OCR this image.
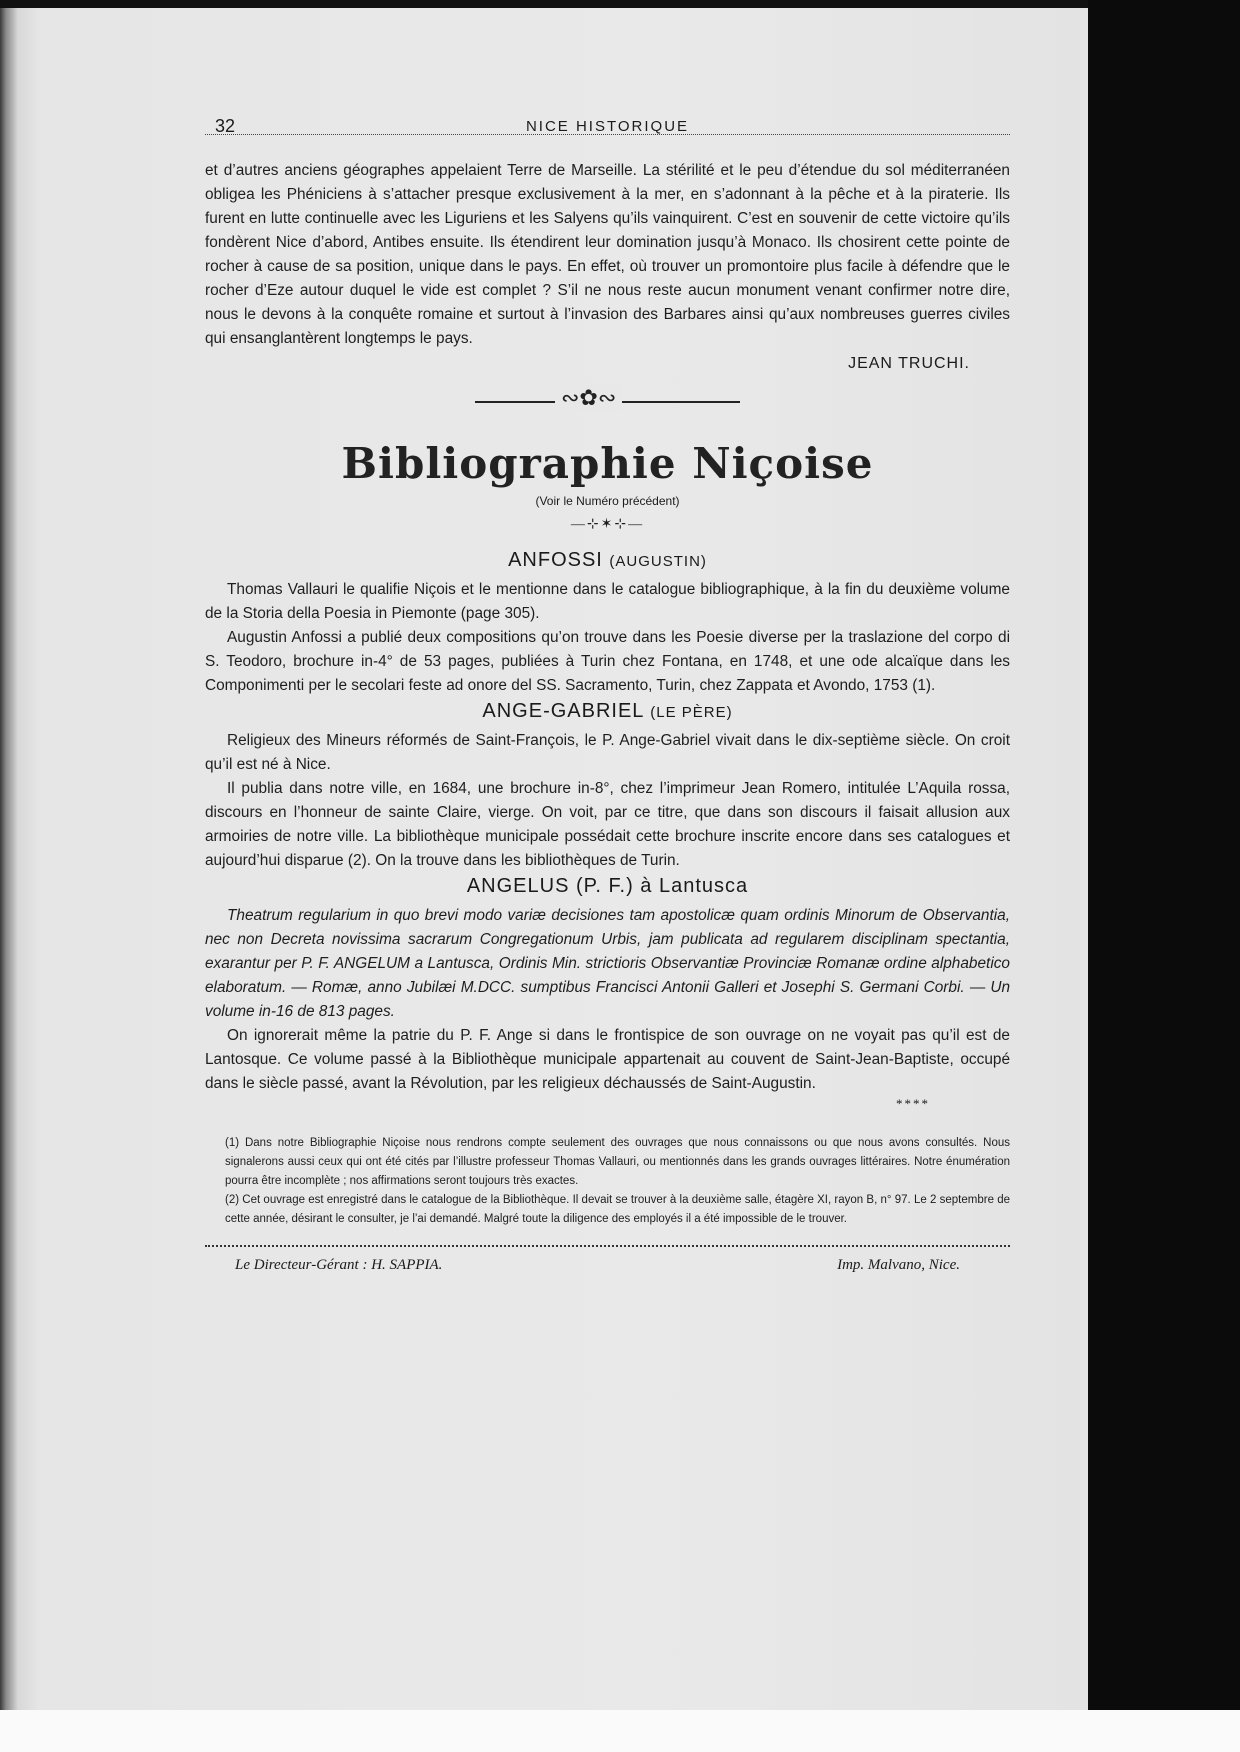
32	NICE HISTORIQUE

et d’autres anciens géographes appelaient Terre de Marseille. La stérilité et le peu d’étendue du sol méditerranéen obligea les Phéniciens à s’attacher presque exclusivement à la mer, en s’adonnant à la pêche et à la piraterie. Ils furent en lutte continuelle avec les Liguriens et les Salyens qu’ils vainquirent. C’est en souvenir de cette victoire qu’ils fondèrent Nice d’abord, Antibes ensuite. Ils étendirent leur domination jusqu’à Monaco. Ils chosirent cette pointe de rocher à cause de sa position, unique dans le pays. En effet, où trouver un promontoire plus facile à défendre que le rocher d’Eze autour duquel le vide est complet ? S’il ne nous reste aucun monument venant confirmer notre dire, nous le devons à la conquête romaine et surtout à l’invasion des Barbares ainsi qu’aux nombreuses guerres civiles qui ensanglantèrent longtemps le pays.

JEAN TRUCHI.
∾✿∾
Bibliographie Niçoise
(Voir le Numéro précédent)
—⊹✶⊹—
ANFOSSI (AUGUSTIN)

Thomas Vallauri le qualifie Niçois et le mentionne dans le catalogue bibliographique, à la fin du deuxième volume de la Storia della Poesia in Piemonte (page 305).

Augustin Anfossi a publié deux compositions qu’on trouve dans les Poesie diverse per la traslazione del corpo di S. Teodoro, brochure in-4° de 53 pages, publiées à Turin chez Fontana, en 1748, et une ode alcaïque dans les Componimenti per le secolari feste ad onore del SS. Sacramento, Turin, chez Zappata et Avondo, 1753 (1).

ANGE-GABRIEL (LE PÈRE)

Religieux des Mineurs réformés de Saint-François, le P. Ange-Gabriel vivait dans le dix-septième siècle. On croit qu’il est né à Nice.

Il publia dans notre ville, en 1684, une brochure in-8°, chez l’imprimeur Jean Romero, intitulée L’Aquila rossa, discours en l’honneur de sainte Claire, vierge. On voit, par ce titre, que dans son discours il faisait allusion aux armoiries de notre ville. La bibliothèque municipale possédait cette brochure inscrite encore dans ses catalogues et aujourd’hui disparue (2). On la trouve dans les bibliothèques de Turin.

ANGELUS (P. F.) à Lantusca

Theatrum regularium in quo brevi modo variæ decisiones tam apostolicæ quam ordinis Minorum de Observantia, nec non Decreta novissima sacrarum Congregationum Urbis, jam publicata ad regularem disciplinam spectantia, exarantur per P. F. ANGELUM a Lantusca, Ordinis Min. strictioris Observantiæ Provinciæ Romanæ ordine alphabetico elaboratum. — Romæ, anno Jubilæi M.DCC. sumptibus Francisci Antonii Galleri et Josephi S. Germani Corbi. — Un volume in-16 de 813 pages.

On ignorerait même la patrie du P. F. Ange si dans le frontispice de son ouvrage on ne voyait pas qu’il est de Lantosque. Ce volume passé à la Bibliothèque municipale appartenait au couvent de Saint-Jean-Baptiste, occupé dans le siècle passé, avant la Révolution, par les religieux déchaussés de Saint-Augustin.

****

(1) Dans notre Bibliographie Niçoise nous rendrons compte seulement des ouvrages que nous connaissons ou que nous avons consultés. Nous signalerons aussi ceux qui ont été cités par l’illustre professeur Thomas Vallauri, ou mentionnés dans les grands ouvrages littéraires. Notre énumération pourra être incomplète ; nos affirmations seront toujours très exactes.

(2) Cet ouvrage est enregistré dans le catalogue de la Bibliothèque. Il devait se trouver à la deuxième salle, étagère XI, rayon B, n° 97. Le 2 septembre de cette année, désirant le consulter, je l’ai demandé. Malgré toute la diligence des employés il a été impossible de le trouver.

Le Directeur-Gérant : H. SAPPIA.	Imp. Malvano, Nice.
